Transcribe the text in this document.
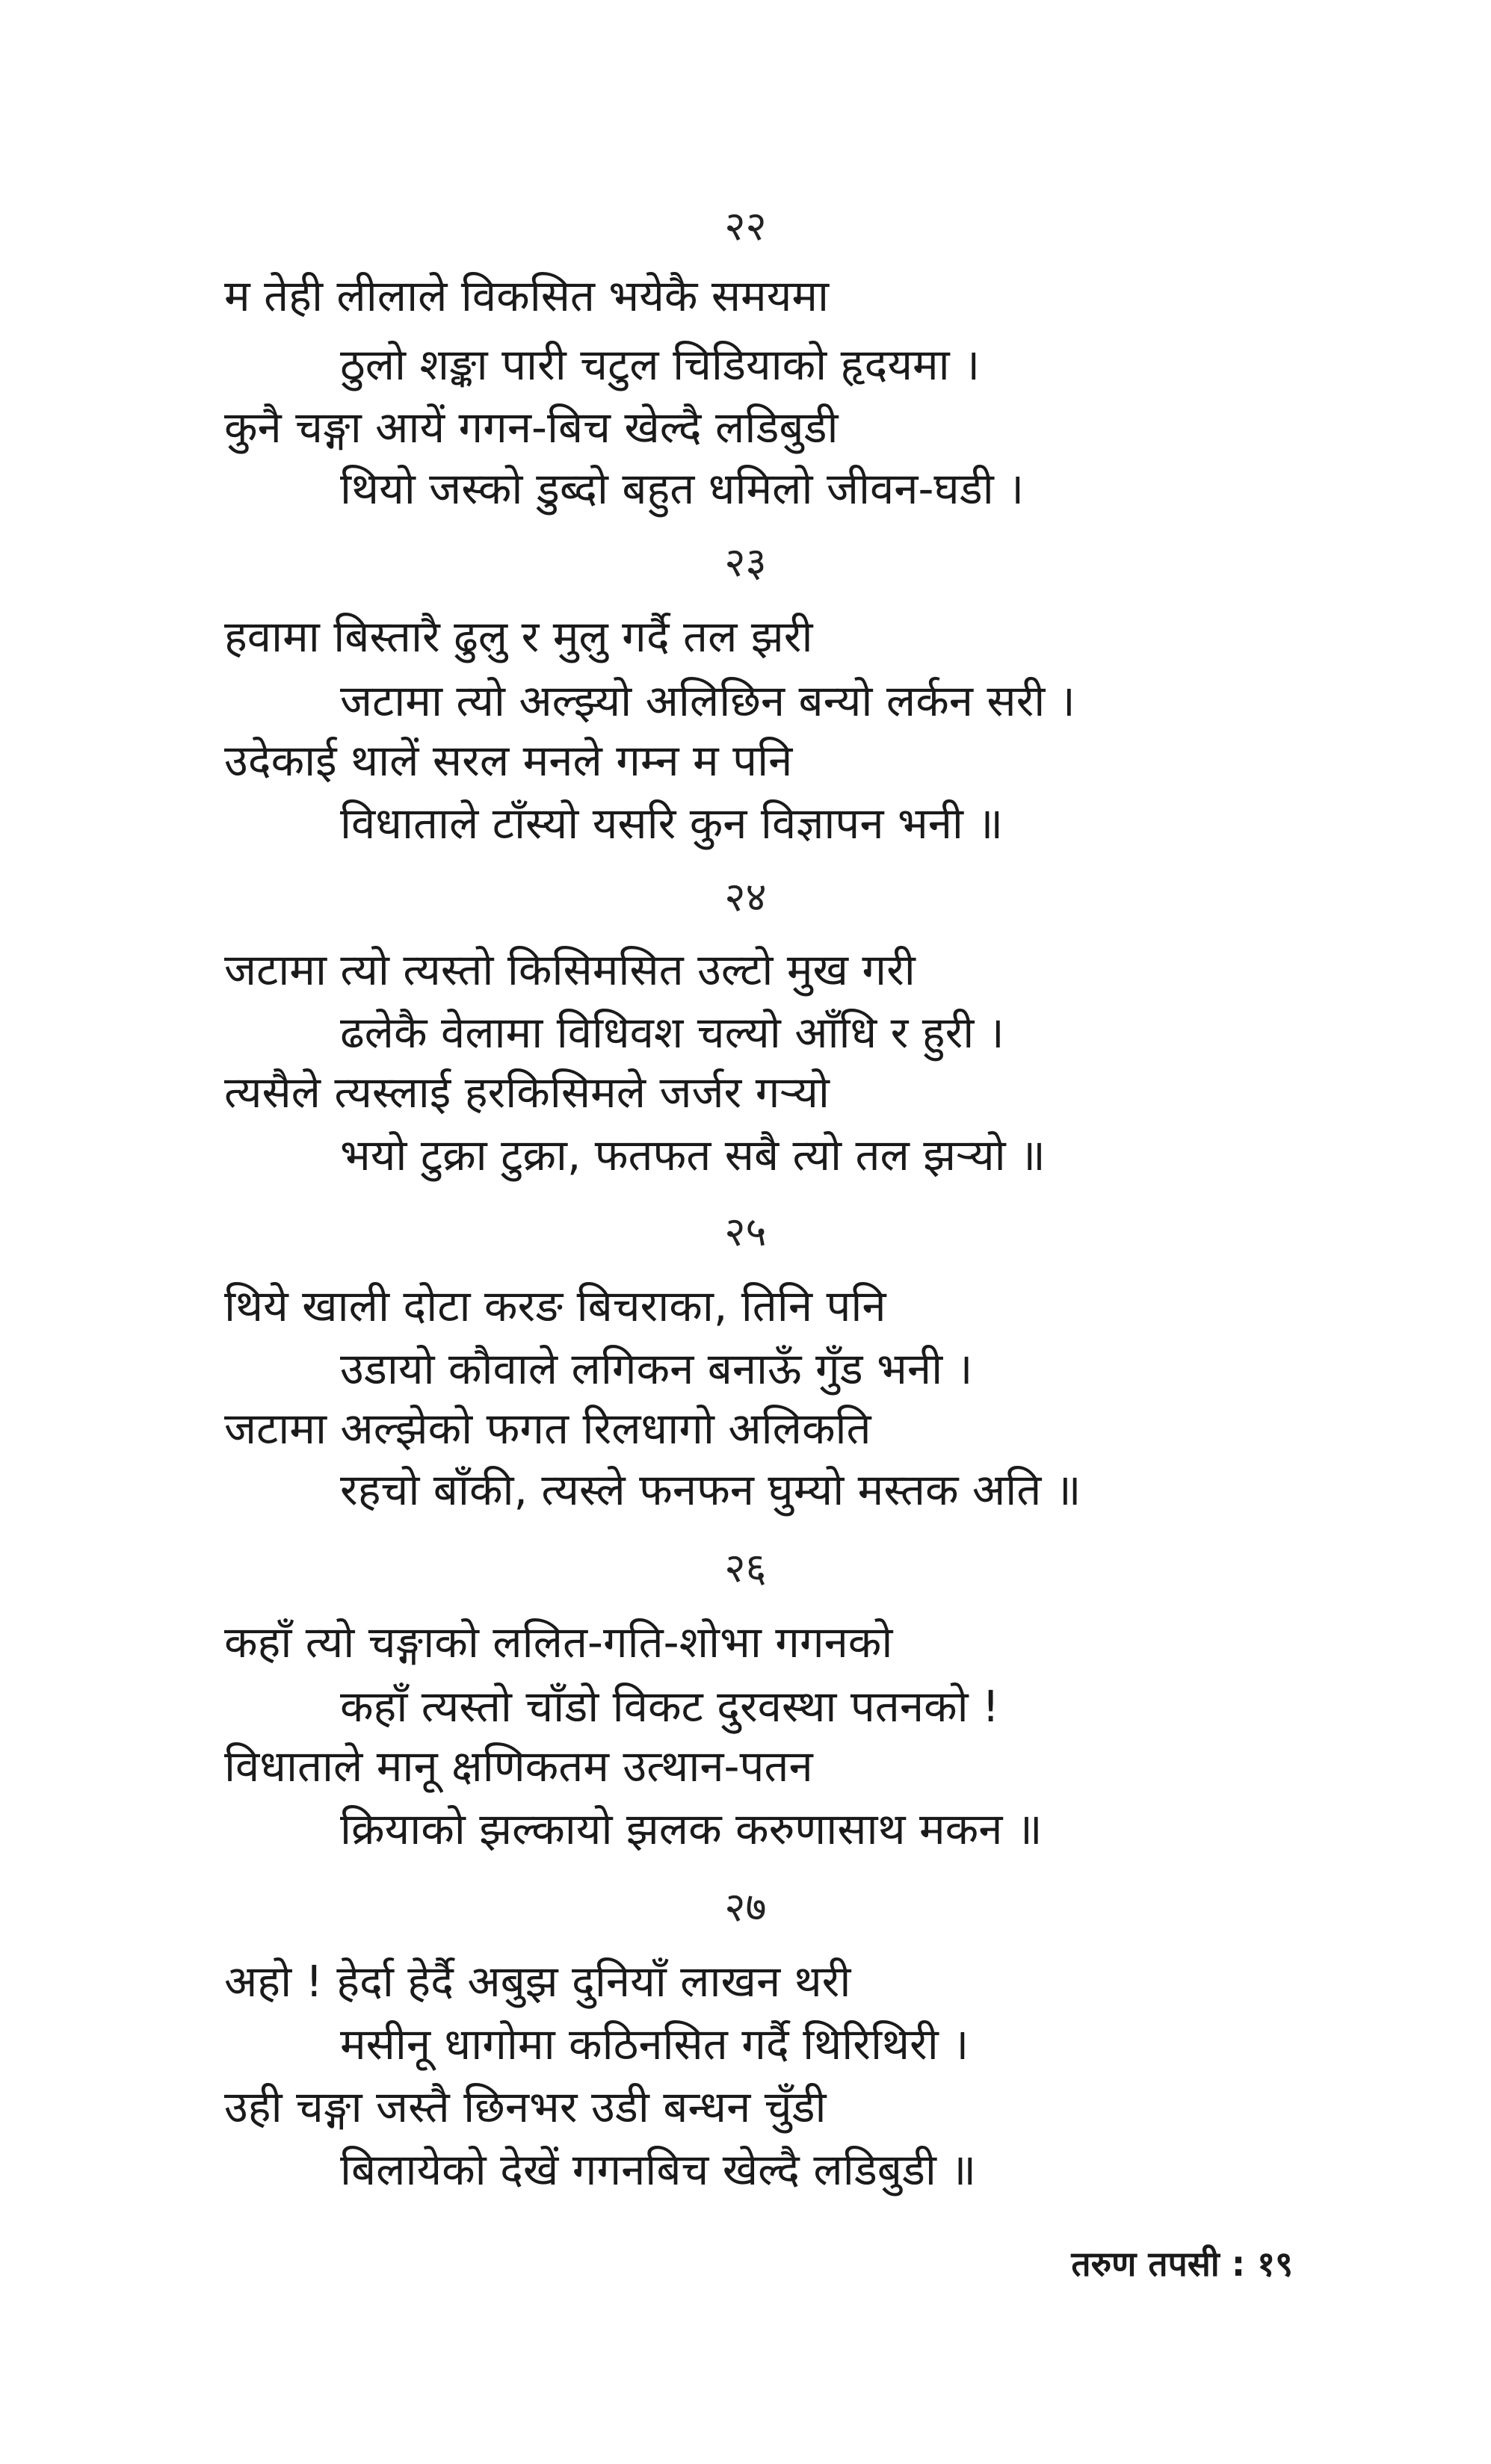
२२
म तेही लीलाले विकसित भयेकै समयमा
ठुलो शङ्का पारी चटुल चिडियाको हृदयमा ।
कुनै चङ्गा आयें गगन-बिच खेल्दै लडिबुडी
थियो जस्को डुब्दो बहुत धमिलो जीवन-घडी ।
२३
हवामा बिस्तारै ढुलु र मुलु गर्दै तल झरी
जटामा त्यो अल्झ्यो अलिछिन बन्यो लर्कन सरी ।
उदेकाई थालें सरल मनले गम्न म पनि
विधाताले टाँस्यो यसरि कुन विज्ञापन भनी ॥
२४
जटामा त्यो त्यस्तो किसिमसित उल्टो मुख गरी
ढलेकै वेलामा विधिवश चल्यो आँधि र हुरी ।
त्यसैले त्यस्लाई हरकिसिमले जर्जर गऱ्यो
भयो टुक्रा टुक्रा, फतफत सबै त्यो तल झऱ्यो ॥
२५
थिये खाली दोटा करङ बिचराका, तिनि पनि
उडायो कौवाले लगिकन बनाऊँ गुँड भनी ।
जटामा अल्झेको फगत रिलधागो अलिकति
रहचो बाँकी, त्यस्ले फनफन घुम्यो मस्तक अति ॥
२६
कहाँ त्यो चङ्गाको ललित-गति-शोभा गगनको
कहाँ त्यस्तो चाँडो विकट दुरवस्था पतनको !
विधाताले मानू क्षणिकतम उत्थान-पतन
क्रियाको झल्कायो झलक करुणासाथ मकन ॥
२७
अहो ! हेर्दा हेर्दै अबुझ दुनियाँ लाखन थरी
मसीनू धागोमा कठिनसित गर्दै थिरिथिरी ।
उही चङ्गा जस्तै छिनभर उडी बन्धन चुँडी
बिलायेको देखें गगनबिच खेल्दै लडिबुडी ॥
तरुण तपसी : १९
